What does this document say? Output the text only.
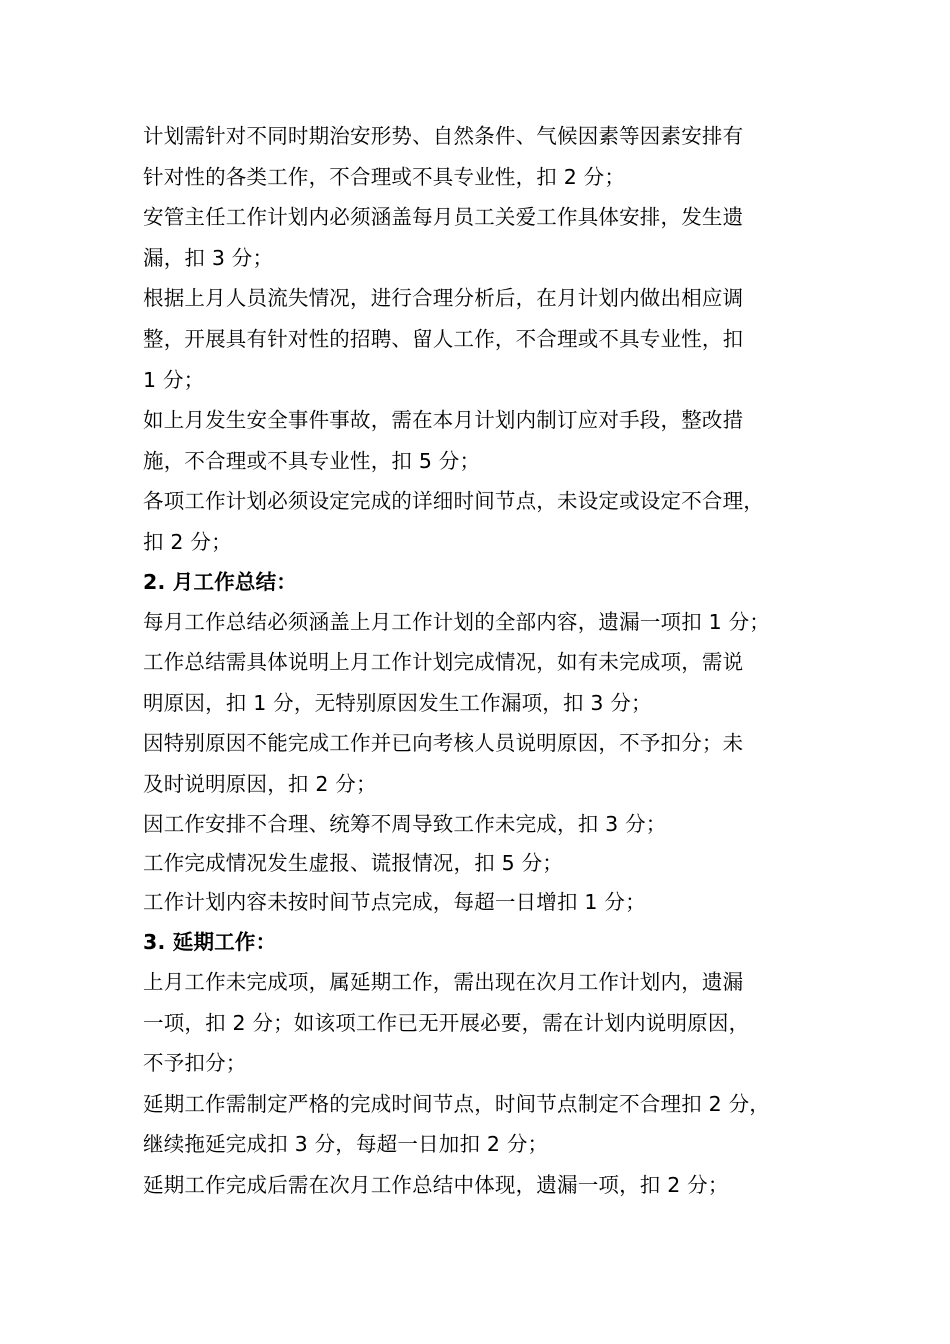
计划需针对不同时期治安形势、自然条件、气候因素等因素安排有
针对性的各类工作，不合理或不具专业性，扣 2 分；
安管主任工作计划内必须涵盖每月员工关爱工作具体安排，发生遗
漏，扣 3 分；
根据上月人员流失情况，进行合理分析后，在月计划内做出相应调
整，开展具有针对性的招聘、留人工作，不合理或不具专业性，扣
1 分；
如上月发生安全事件事故，需在本月计划内制订应对手段，整改措
施，不合理或不具专业性，扣 5 分；
各项工作计划必须设定完成的详细时间节点，未设定或设定不合理，
扣 2 分；
2. 月工作总结：
每月工作总结必须涵盖上月工作计划的全部内容，遗漏一项扣 1 分；
工作总结需具体说明上月工作计划完成情况，如有未完成项，需说
明原因，扣 1 分，无特别原因发生工作漏项，扣 3 分；
因特别原因不能完成工作并已向考核人员说明原因，不予扣分；未
及时说明原因，扣 2 分；
因工作安排不合理、统筹不周导致工作未完成，扣 3 分；
工作完成情况发生虚报、谎报情况，扣 5 分；
工作计划内容未按时间节点完成，每超一日增扣 1 分；
3. 延期工作：
上月工作未完成项，属延期工作，需出现在次月工作计划内，遗漏
一项，扣 2 分；如该项工作已无开展必要，需在计划内说明原因，
不予扣分；
延期工作需制定严格的完成时间节点，时间节点制定不合理扣 2 分，
继续拖延完成扣 3 分，每超一日加扣 2 分；
延期工作完成后需在次月工作总结中体现，遗漏一项，扣 2 分；
